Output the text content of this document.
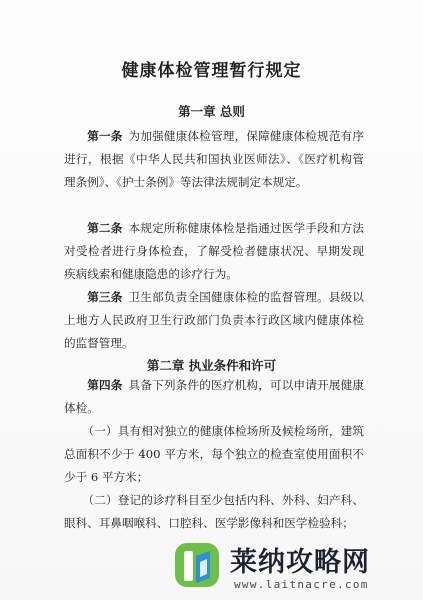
健康体检管理暂行规定
第一章 总则
第一条 为加强健康体检管理，保障健康体检规范有序进行，根据《中华人民共和国执业医师法》、《医疗机构管理条例》、《护士条例》等法律法规制定本规定。
第二条 本规定所称健康体检是指通过医学手段和方法对受检者进行身体检查，了解受检者健康状况、早期发现疾病线索和健康隐患的诊疗行为。
第三条 卫生部负责全国健康体检的监督管理。县级以上地方人民政府卫生行政部门负责本行政区域内健康体检的监督管理。
第二章 执业条件和许可
第四条 具备下列条件的医疗机构，可以申请开展健康体检。
（一）具有相对独立的健康体检场所及候检场所，建筑总面积不少于 400 平方米，每个独立的检查室使用面积不少于 6 平方米；
（二）登记的诊疗科目至少包括内科、外科、妇产科、眼科、耳鼻咽喉科、口腔科、医学影像科和医学检验科；
莱纳攻略网
www.laitnacre.com
